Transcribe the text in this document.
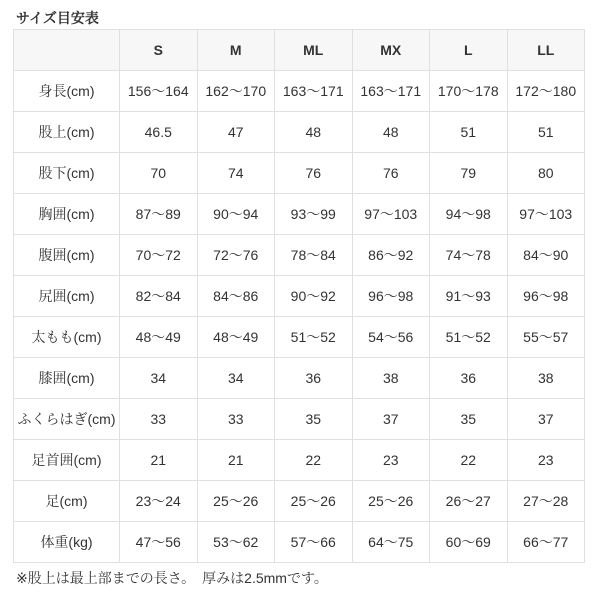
サイズ目安表
	S	M	ML	MX	L	LL
身長(cm)	156〜164	162〜170	163〜171	163〜171	170〜178	172〜180
股上(cm)	46.5	47	48	48	51	51
股下(cm)	70	74	76	76	79	80
胸囲(cm)	87〜89	90〜94	93〜99	97〜103	94〜98	97〜103
腹囲(cm)	70〜72	72〜76	78〜84	86〜92	74〜78	84〜90
尻囲(cm)	82〜84	84〜86	90〜92	96〜98	91〜93	96〜98
太もも(cm)	48〜49	48〜49	51〜52	54〜56	51〜52	55〜57
膝囲(cm)	34	34	36	38	36	38
ふくらはぎ(cm)	33	33	35	37	35	37
足首囲(cm)	21	21	22	23	22	23
足(cm)	23〜24	25〜26	25〜26	25〜26	26〜27	27〜28
体重(kg)	47〜56	53〜62	57〜66	64〜75	60〜69	66〜77
※股上は最上部までの長さ。　厚みは2.5mmです。
